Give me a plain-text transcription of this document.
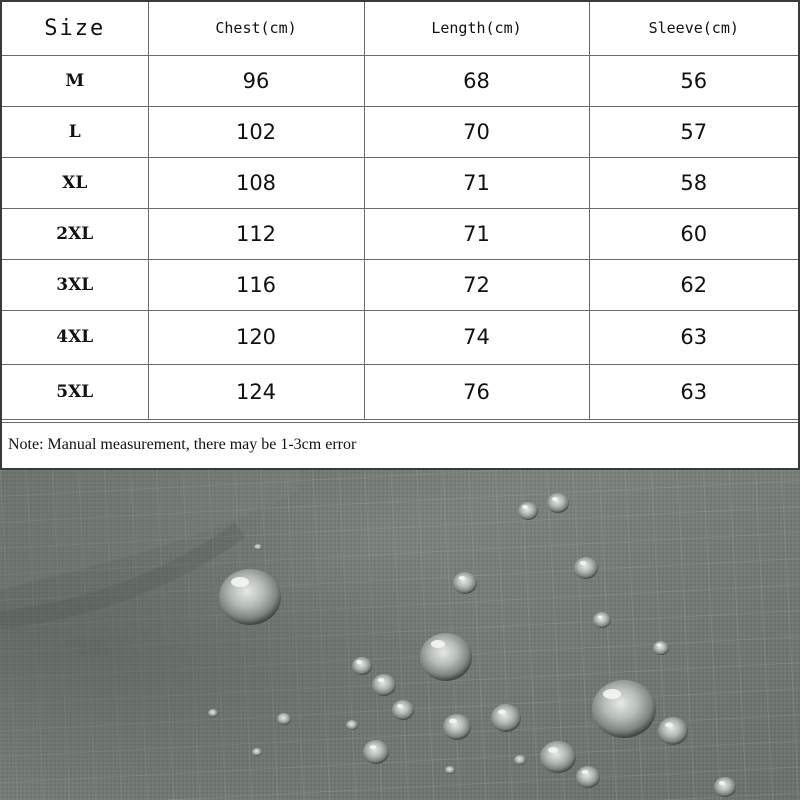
Size	Chest(cm)	Length(cm)	Sleeve(cm)
M	96	68	56
L	102	70	57
XL	108	71	58
2XL	112	71	60
3XL	116	72	62
4XL	120	74	63
5XL	124	76	63
Note: Manual measurement, there may be 1-3cm error
